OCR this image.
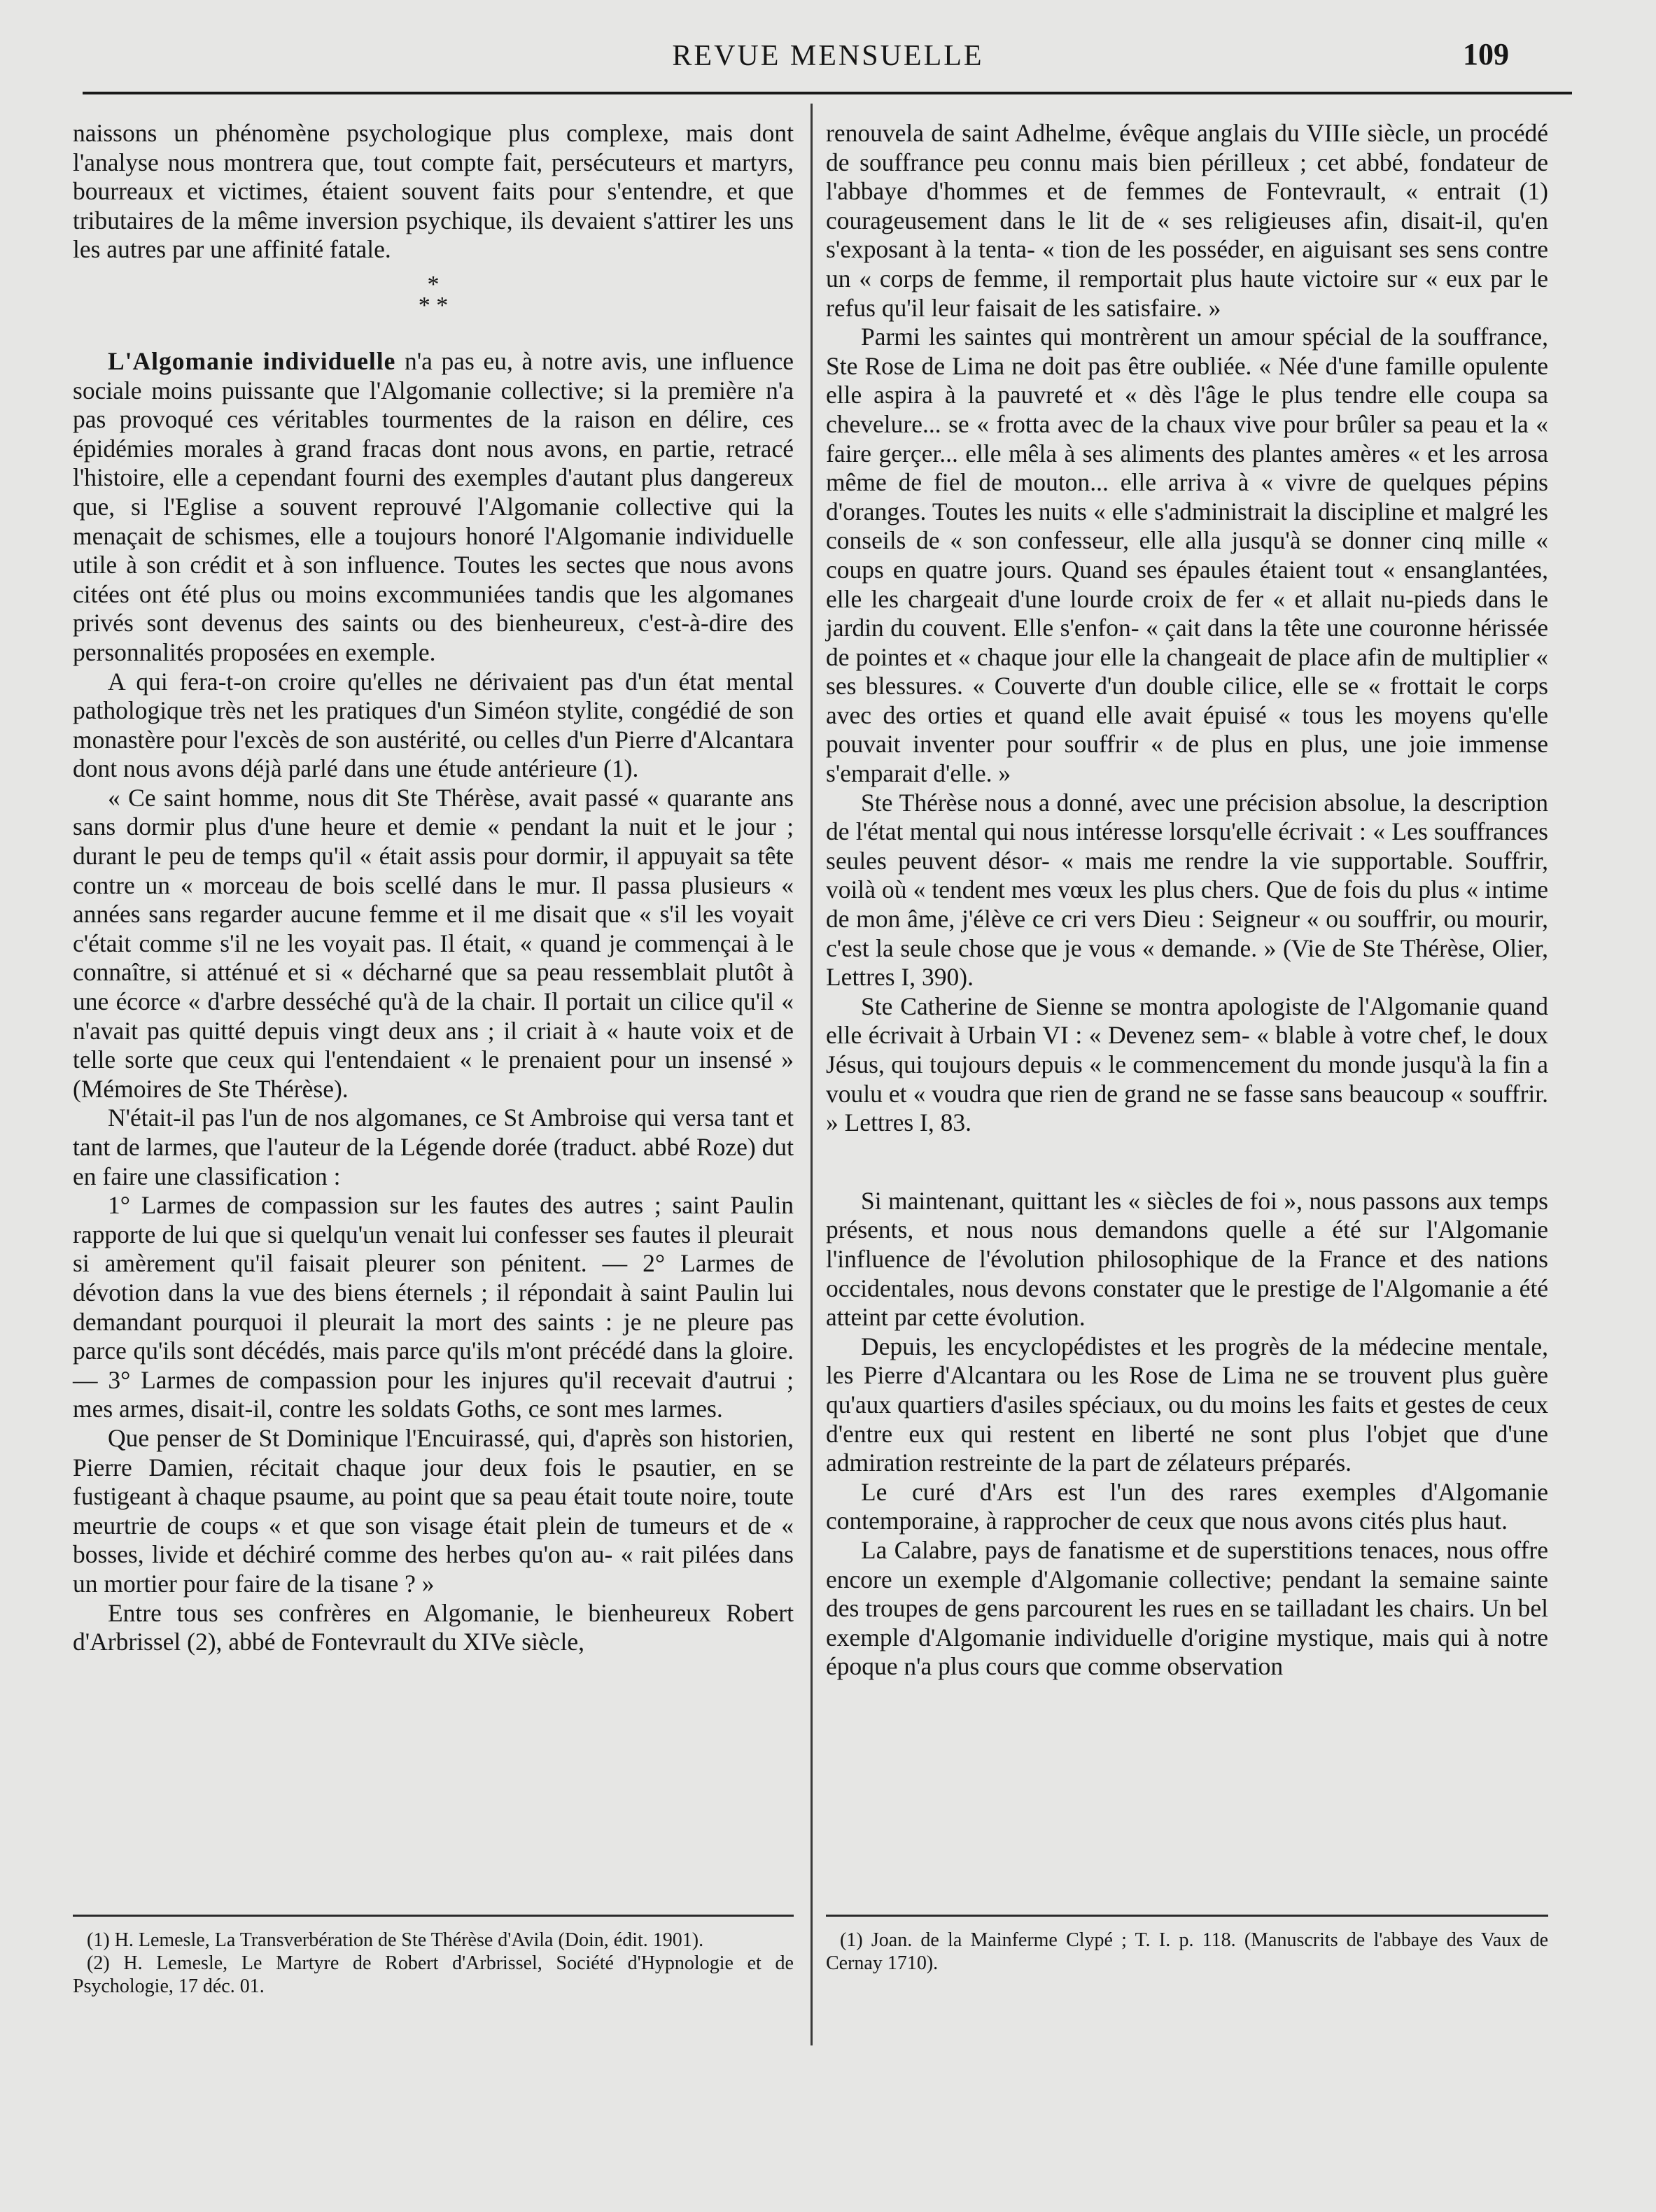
REVUE MENSUELLE	109

naissons un phénomène psychologique plus complexe, mais dont l'analyse nous montrera que, tout compte fait, persécuteurs et martyrs, bourreaux et victimes, étaient souvent faits pour s'entendre, et que tributaires de la même inversion psychique, ils devaient s'attirer les uns les autres par une affinité fatale.

*
* *

L'Algomanie individuelle n'a pas eu, à notre avis, une influence sociale moins puissante que l'Algomanie collective; si la première n'a pas provoqué ces véritables tourmentes de la raison en délire, ces épidémies morales à grand fracas dont nous avons, en partie, retracé l'histoire, elle a cependant fourni des exemples d'autant plus dangereux que, si l'Eglise a souvent reprouvé l'Algomanie collective qui la menaçait de schismes, elle a toujours honoré l'Algomanie individuelle utile à son crédit et à son influence. Toutes les sectes que nous avons citées ont été plus ou moins excommuniées tandis que les algomanes privés sont devenus des saints ou des bienheureux, c'est-à-dire des personnalités proposées en exemple.

A qui fera-t-on croire qu'elles ne dérivaient pas d'un état mental pathologique très net les pratiques d'un Siméon stylite, congédié de son monastère pour l'excès de son austérité, ou celles d'un Pierre d'Alcantara dont nous avons déjà parlé dans une étude antérieure (1).

« Ce saint homme, nous dit Ste Thérèse, avait passé « quarante ans sans dormir plus d'une heure et demie « pendant la nuit et le jour ; durant le peu de temps qu'il « était assis pour dormir, il appuyait sa tête contre un « morceau de bois scellé dans le mur. Il passa plusieurs « années sans regarder aucune femme et il me disait que « s'il les voyait c'était comme s'il ne les voyait pas. Il était, « quand je commençai à le connaître, si atténué et si « décharné que sa peau ressemblait plutôt à une écorce « d'arbre desséché qu'à de la chair. Il portait un cilice qu'il « n'avait pas quitté depuis vingt deux ans ; il criait à « haute voix et de telle sorte que ceux qui l'entendaient « le prenaient pour un insensé » (Mémoires de Ste Thérèse).

N'était-il pas l'un de nos algomanes, ce St Ambroise qui versa tant et tant de larmes, que l'auteur de la Légende dorée (traduct. abbé Roze) dut en faire une classification :

1° Larmes de compassion sur les fautes des autres ; saint Paulin rapporte de lui que si quelqu'un venait lui confesser ses fautes il pleurait si amèrement qu'il faisait pleurer son pénitent. — 2° Larmes de dévotion dans la vue des biens éternels ; il répondait à saint Paulin lui demandant pourquoi il pleurait la mort des saints : je ne pleure pas parce qu'ils sont décédés, mais parce qu'ils m'ont précédé dans la gloire. — 3° Larmes de compassion pour les injures qu'il recevait d'autrui ; mes armes, disait-il, contre les soldats Goths, ce sont mes larmes.

Que penser de St Dominique l'Encuirassé, qui, d'après son historien, Pierre Damien, récitait chaque jour deux fois le psautier, en se fustigeant à chaque psaume, au point que sa peau était toute noire, toute meurtrie de coups « et que son visage était plein de tumeurs et de « bosses, livide et déchiré comme des herbes qu'on au- « rait pilées dans un mortier pour faire de la tisane ? »

Entre tous ses confrères en Algomanie, le bienheureux Robert d'Arbrissel (2), abbé de Fontevrault du XIVe siècle,

renouvela de saint Adhelme, évêque anglais du VIIIe siècle, un procédé de souffrance peu connu mais bien périlleux ; cet abbé, fondateur de l'abbaye d'hommes et de femmes de Fontevrault, « entrait (1) courageusement dans le lit de « ses religieuses afin, disait-il, qu'en s'exposant à la tenta- « tion de les posséder, en aiguisant ses sens contre un « corps de femme, il remportait plus haute victoire sur « eux par le refus qu'il leur faisait de les satisfaire. »

Parmi les saintes qui montrèrent un amour spécial de la souffrance, Ste Rose de Lima ne doit pas être oubliée. « Née d'une famille opulente elle aspira à la pauvreté et « dès l'âge le plus tendre elle coupa sa chevelure... se « frotta avec de la chaux vive pour brûler sa peau et la « faire gerçer... elle mêla à ses aliments des plantes amères « et les arrosa même de fiel de mouton... elle arriva à « vivre de quelques pépins d'oranges. Toutes les nuits « elle s'administrait la discipline et malgré les conseils de « son confesseur, elle alla jusqu'à se donner cinq mille « coups en quatre jours. Quand ses épaules étaient tout « ensanglantées, elle les chargeait d'une lourde croix de fer « et allait nu-pieds dans le jardin du couvent. Elle s'enfon- « çait dans la tête une couronne hérissée de pointes et « chaque jour elle la changeait de place afin de multiplier « ses blessures. « Couverte d'un double cilice, elle se « frottait le corps avec des orties et quand elle avait épuisé « tous les moyens qu'elle pouvait inventer pour souffrir « de plus en plus, une joie immense s'emparait d'elle. »

Ste Thérèse nous a donné, avec une précision absolue, la description de l'état mental qui nous intéresse lorsqu'elle écrivait : « Les souffrances seules peuvent désor- « mais me rendre la vie supportable. Souffrir, voilà où « tendent mes vœux les plus chers. Que de fois du plus « intime de mon âme, j'élève ce cri vers Dieu : Seigneur « ou souffrir, ou mourir, c'est la seule chose que je vous « demande. » (Vie de Ste Thérèse, Olier, Lettres I, 390).

Ste Catherine de Sienne se montra apologiste de l'Algomanie quand elle écrivait à Urbain VI : « Devenez sem- « blable à votre chef, le doux Jésus, qui toujours depuis « le commencement du monde jusqu'à la fin a voulu et « voudra que rien de grand ne se fasse sans beaucoup « souffrir. » Lettres I, 83.

Si maintenant, quittant les « siècles de foi », nous passons aux temps présents, et nous nous demandons quelle a été sur l'Algomanie l'influence de l'évolution philosophique de la France et des nations occidentales, nous devons constater que le prestige de l'Algomanie a été atteint par cette évolution.

Depuis, les encyclopédistes et les progrès de la médecine mentale, les Pierre d'Alcantara ou les Rose de Lima ne se trouvent plus guère qu'aux quartiers d'asiles spéciaux, ou du moins les faits et gestes de ceux d'entre eux qui restent en liberté ne sont plus l'objet que d'une admiration restreinte de la part de zélateurs préparés.

Le curé d'Ars est l'un des rares exemples d'Algomanie contemporaine, à rapprocher de ceux que nous avons cités plus haut.

La Calabre, pays de fanatisme et de superstitions tenaces, nous offre encore un exemple d'Algomanie collective; pendant la semaine sainte des troupes de gens parcourent les rues en se tailladant les chairs. Un bel exemple d'Algomanie individuelle d'origine mystique, mais qui à notre époque n'a plus cours que comme observation

(1) H. Lemesle, La Transverbération de Ste Thérèse d'Avila (Doin, édit. 1901).

(2) H. Lemesle, Le Martyre de Robert d'Arbrissel, Société d'Hypnologie et de Psychologie, 17 déc. 01.

(1) Joan. de la Mainferme Clypé ; T. I. p. 118. (Manuscrits de l'abbaye des Vaux de Cernay 1710).
